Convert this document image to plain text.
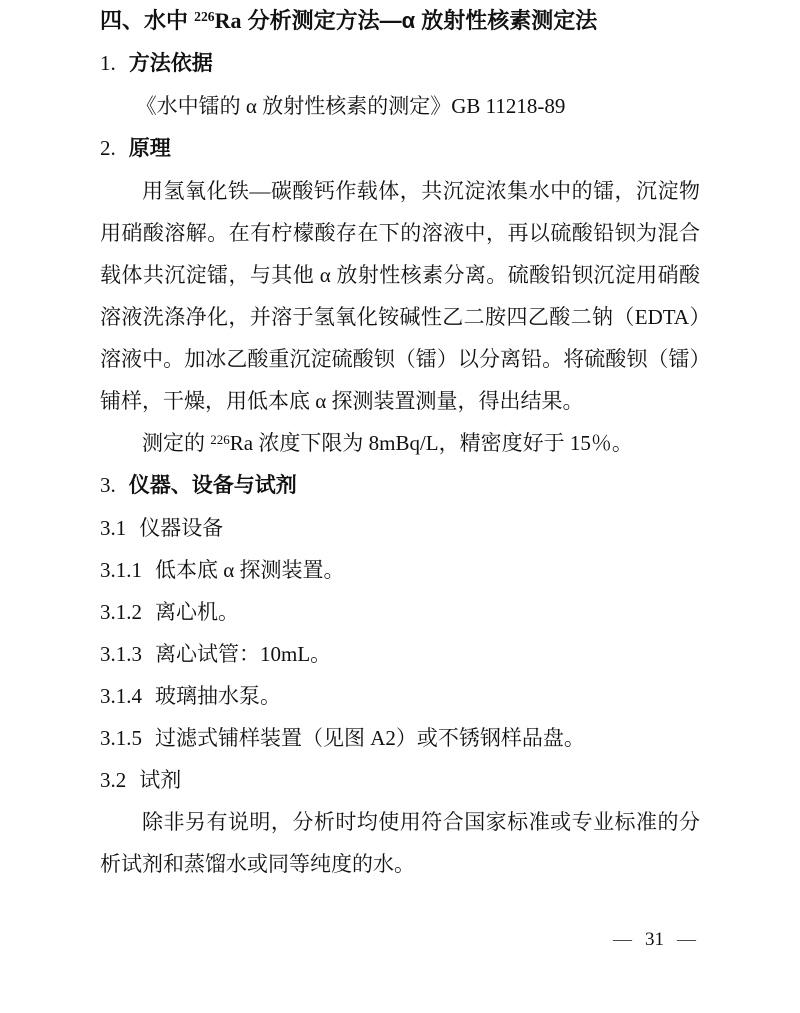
四、水中 $^{226}$Ra 分析测定方法—α 放射性核素测定法
1. 方法依据

《水中镭的 α 放射性核素的测定》GB 11218-89

2. 原理

用氢氧化铁—碳酸钙作载体，共沉淀浓集水中的镭，沉淀物用硝酸溶解。在有柠檬酸存在下的溶液中，再以硫酸铅钡为混合载体共沉淀镭，与其他 α 放射性核素分离。硫酸铅钡沉淀用硝酸溶液洗涤净化，并溶于氢氧化铵碱性乙二胺四乙酸二钠（EDTA）溶液中。加冰乙酸重沉淀硫酸钡（镭）以分离铅。将硫酸钡（镭）铺样，干燥，用低本底 α 探测装置测量，得出结果。

测定的 $^{226}$Ra 浓度下限为 8mBq/L，精密度好于 15％。

3. 仪器、设备与试剂

3.1 仪器设备

3.1.1 低本底 α 探测装置。

3.1.2 离心机。

3.1.3 离心试管：10mL。

3.1.4 玻璃抽水泵。

3.1.5 过滤式铺样装置（见图 A2）或不锈钢样品盘。

3.2 试剂

除非另有说明，分析时均使用符合国家标准或专业标准的分析试剂和蒸馏水或同等纯度的水。

— 31 —
